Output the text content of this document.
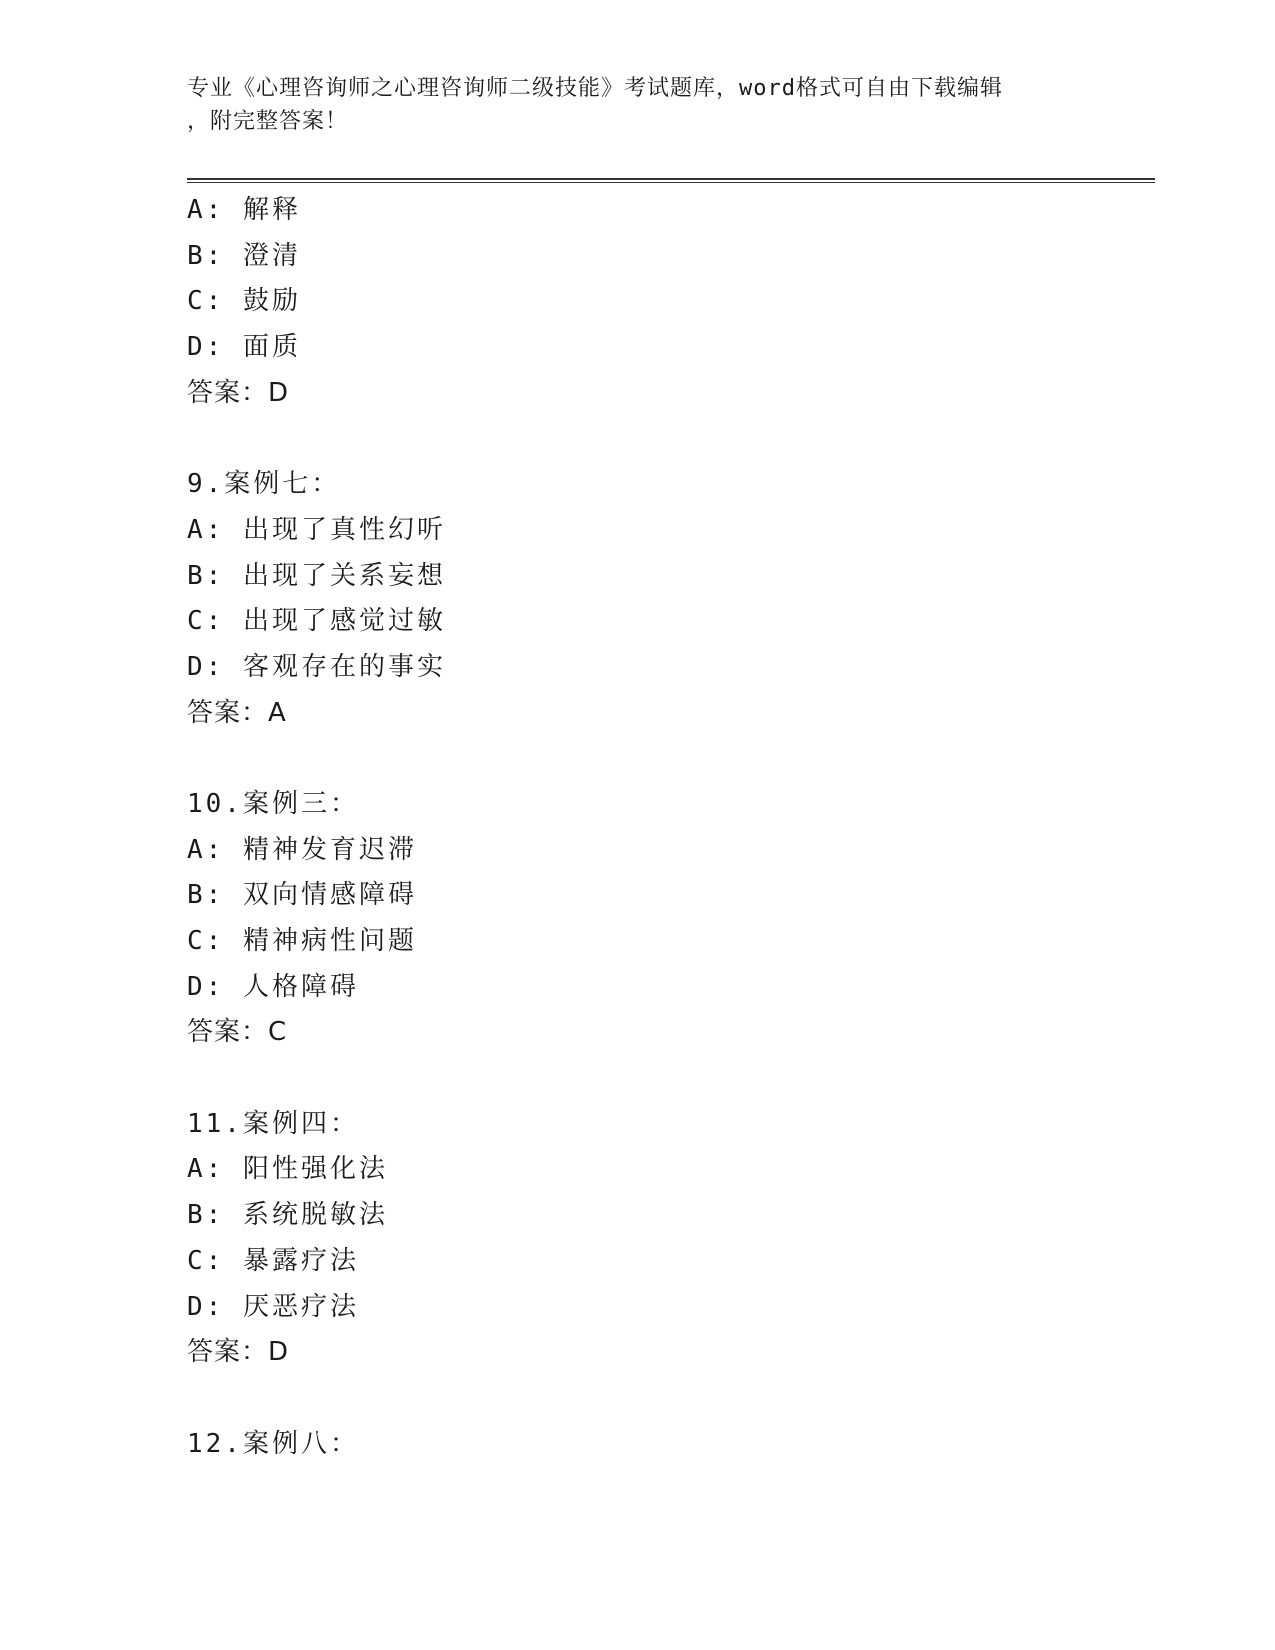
专业《心理咨询师之心理咨询师二级技能》考试题库，word格式可自由下载编辑
，附完整答案！
A: 解释
B: 澄清
C: 鼓励
D: 面质
答案：D
9.案例七：
A: 出现了真性幻听
B: 出现了关系妄想
C: 出现了感觉过敏
D: 客观存在的事实
答案：A
10.案例三：
A: 精神发育迟滞
B: 双向情感障碍
C: 精神病性问题
D: 人格障碍
答案：C
11.案例四：
A: 阳性强化法
B: 系统脱敏法
C: 暴露疗法
D: 厌恶疗法
答案：D
12.案例八：
